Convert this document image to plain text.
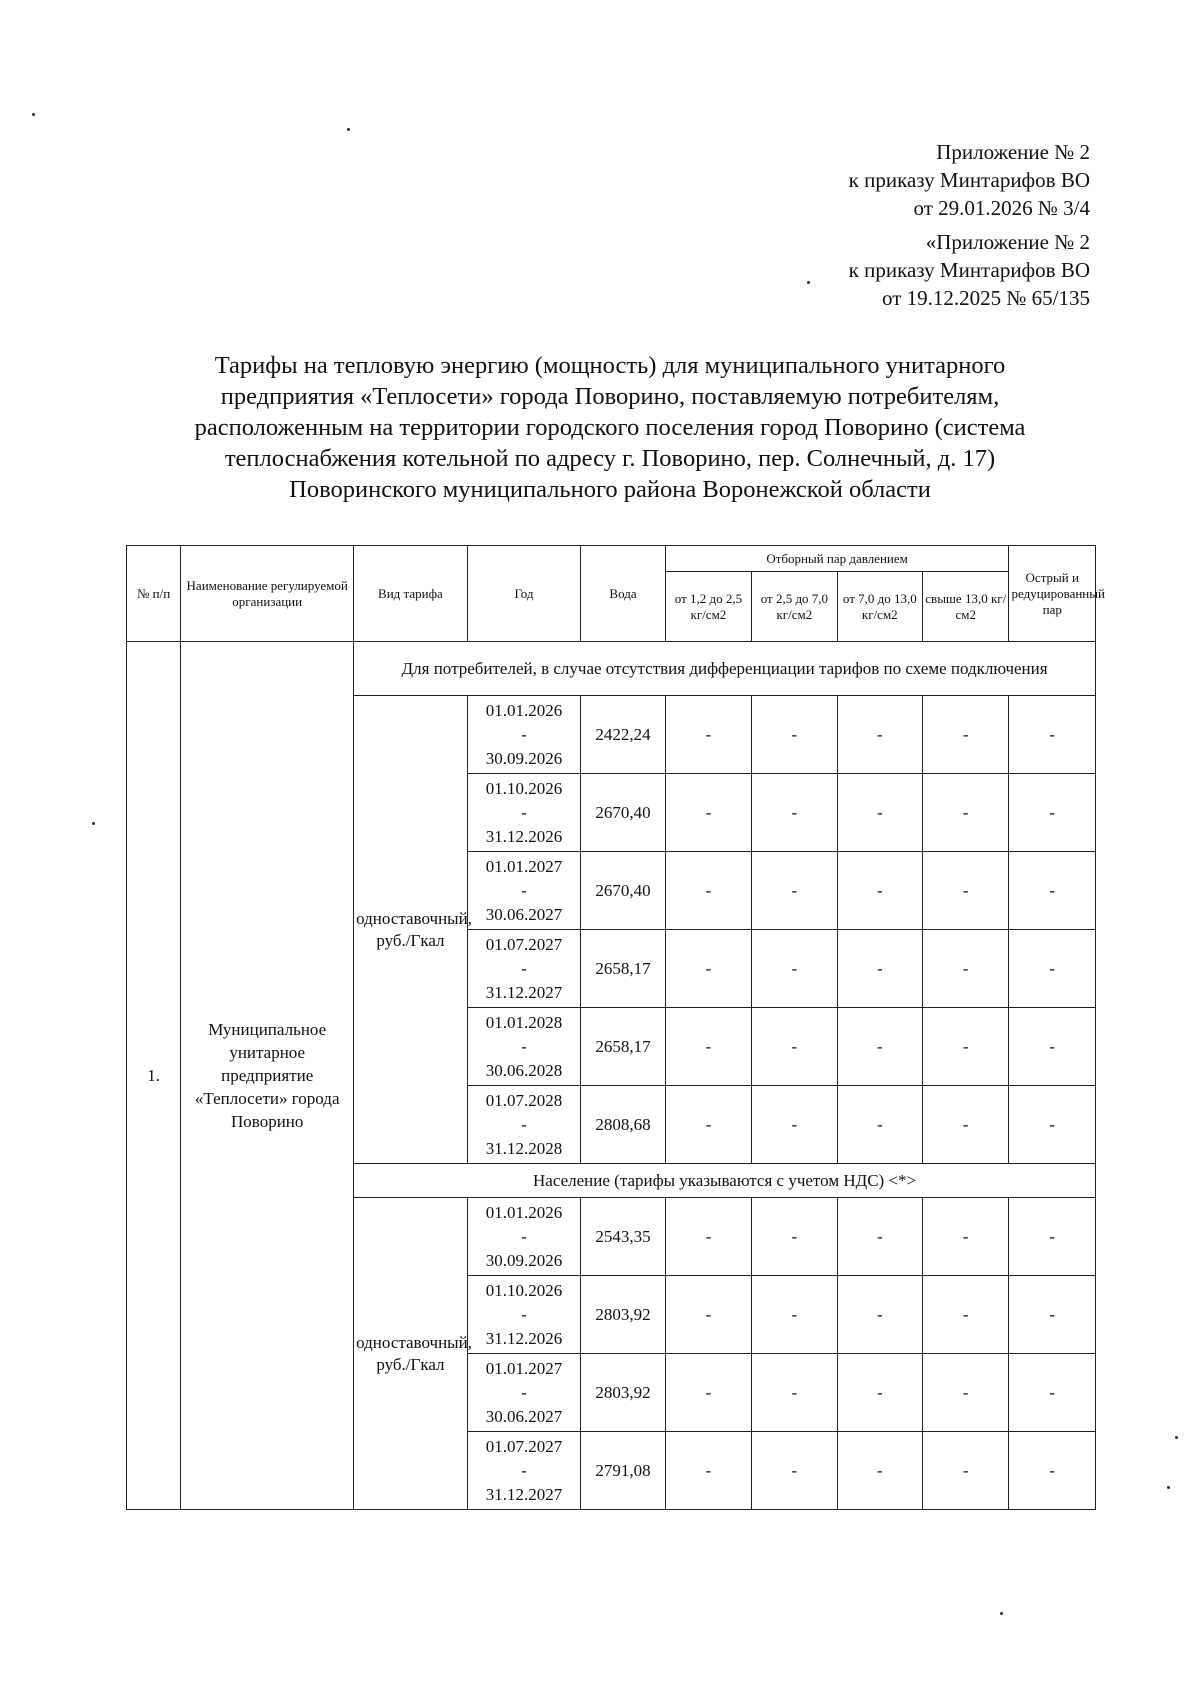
Приложение № 2
к приказу Минтарифов ВО
от 29.01.2026 № 3/4
«Приложение № 2
к приказу Минтарифов ВО
от 19.12.2025 № 65/135
Тарифы на тепловую энергию (мощность) для муниципального унитарного
предприятия «Теплосети» города Поворино, поставляемую потребителям,
расположенным на территории городского поселения город Поворино (система
теплоснабжения котельной по адресу г. Поворино, пер. Солнечный, д. 17)
Поворинского муниципального района Воронежской области
№ п/п	Наименование регулируемой организации	Вид тарифа	Год	Вода	Отборный пар давлением				Острый и редуцированный пар
					от 1,2 до 2,5 кг/см2	от 2,5 до 7,0 кг/см2	от 7,0 до 13,0 кг/см2	свыше 13,0 кг/см2	
1.	Муниципальное унитарное предприятие «Теплосети» города Поворино	Для потребителей, в случае отсутствия дифференциации тарифов по схеме подключения							
		одноставочный, руб./Гкал	01.01.2026
-
30.09.2026	2422,24	-	-	-	-	-

			01.10.2026
-
31.12.2026	2670,40	-	-	-	-	-

			01.01.2027
-
30.06.2027	2670,40	-	-	-	-	-

			01.07.2027
-
31.12.2027	2658,17	-	-	-	-	-

			01.01.2028
-
30.06.2028	2658,17	-	-	-	-	-

			01.07.2028
-
31.12.2028	2808,68	-	-	-	-	-
		Население (тарифы указываются с учетом НДС) <*>							
		одноставочный, руб./Гкал	01.01.2026
-
30.09.2026	2543,35	-	-	-	-	-

			01.10.2026
-
31.12.2026	2803,92	-	-	-	-	-

			01.01.2027
-
30.06.2027	2803,92	-	-	-	-	-

			01.07.2027
-
31.12.2027	2791,08	-	-	-	-	-
